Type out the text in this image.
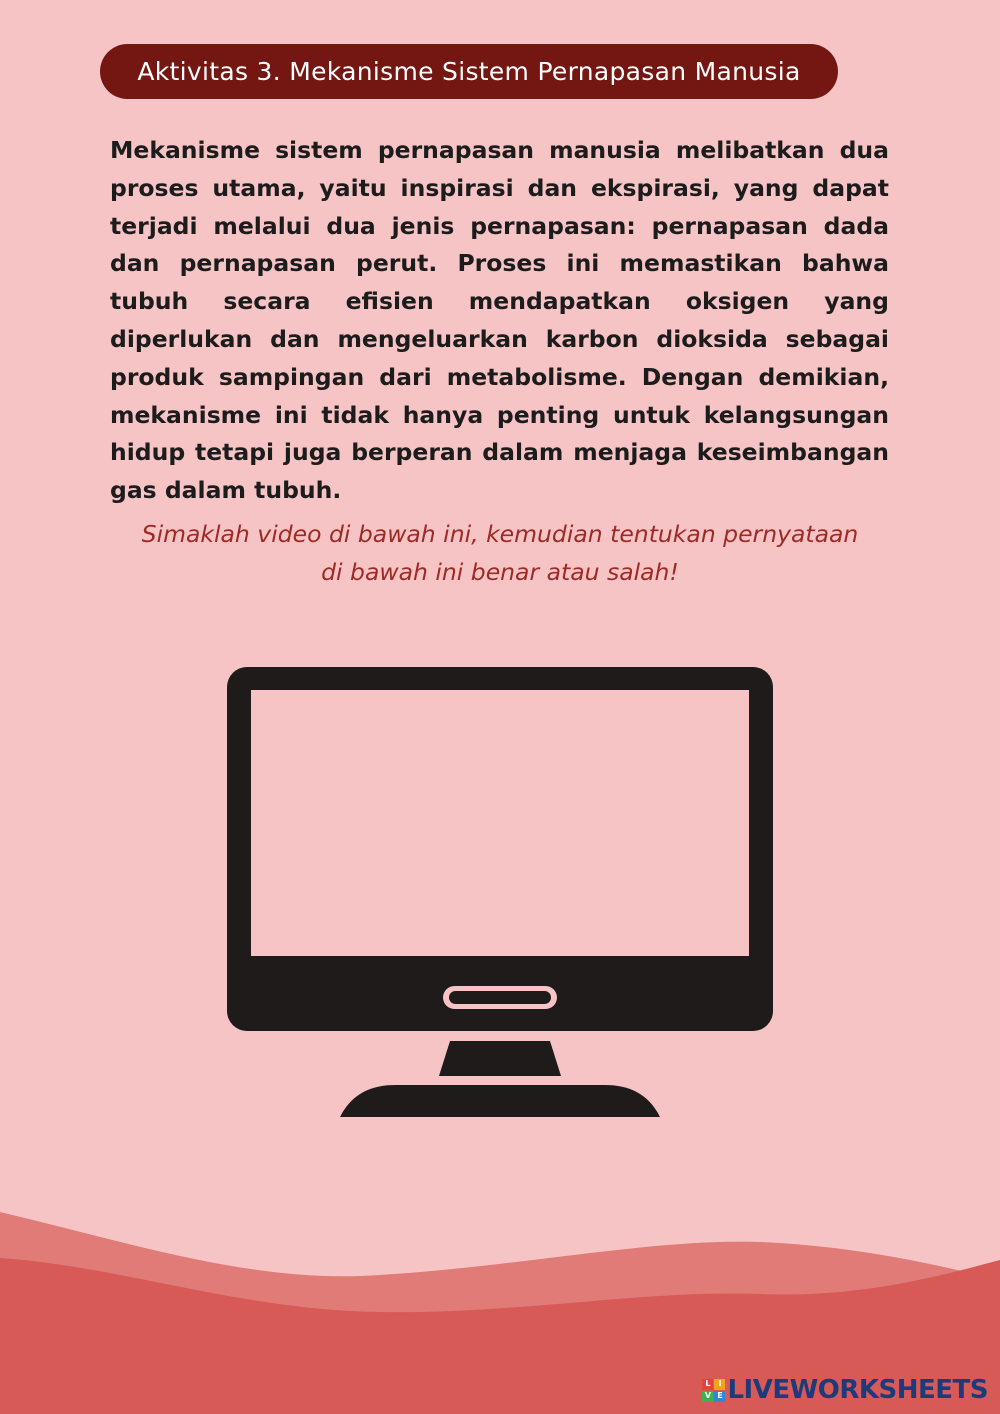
Aktivitas 3. Mekanisme Sistem Pernapasan Manusia

Mekanisme sistem pernapasan manusia melibatkan dua proses utama, yaitu inspirasi dan ekspirasi, yang dapat terjadi melalui dua jenis pernapasan: pernapasan dada dan pernapasan perut. Proses ini memastikan bahwa tubuh secara efisien mendapatkan oksigen yang diperlukan dan mengeluarkan karbon dioksida sebagai produk sampingan dari metabolisme. Dengan demikian, mekanisme ini tidak hanya penting untuk kelangsungan hidup tetapi juga berperan dalam menjaga keseimbangan gas dalam tubuh.

Simaklah video di bawah ini, kemudian tentukan pernyataan
di bawah ini benar atau salah!

L I
V E LIVEWORKSHEETS
